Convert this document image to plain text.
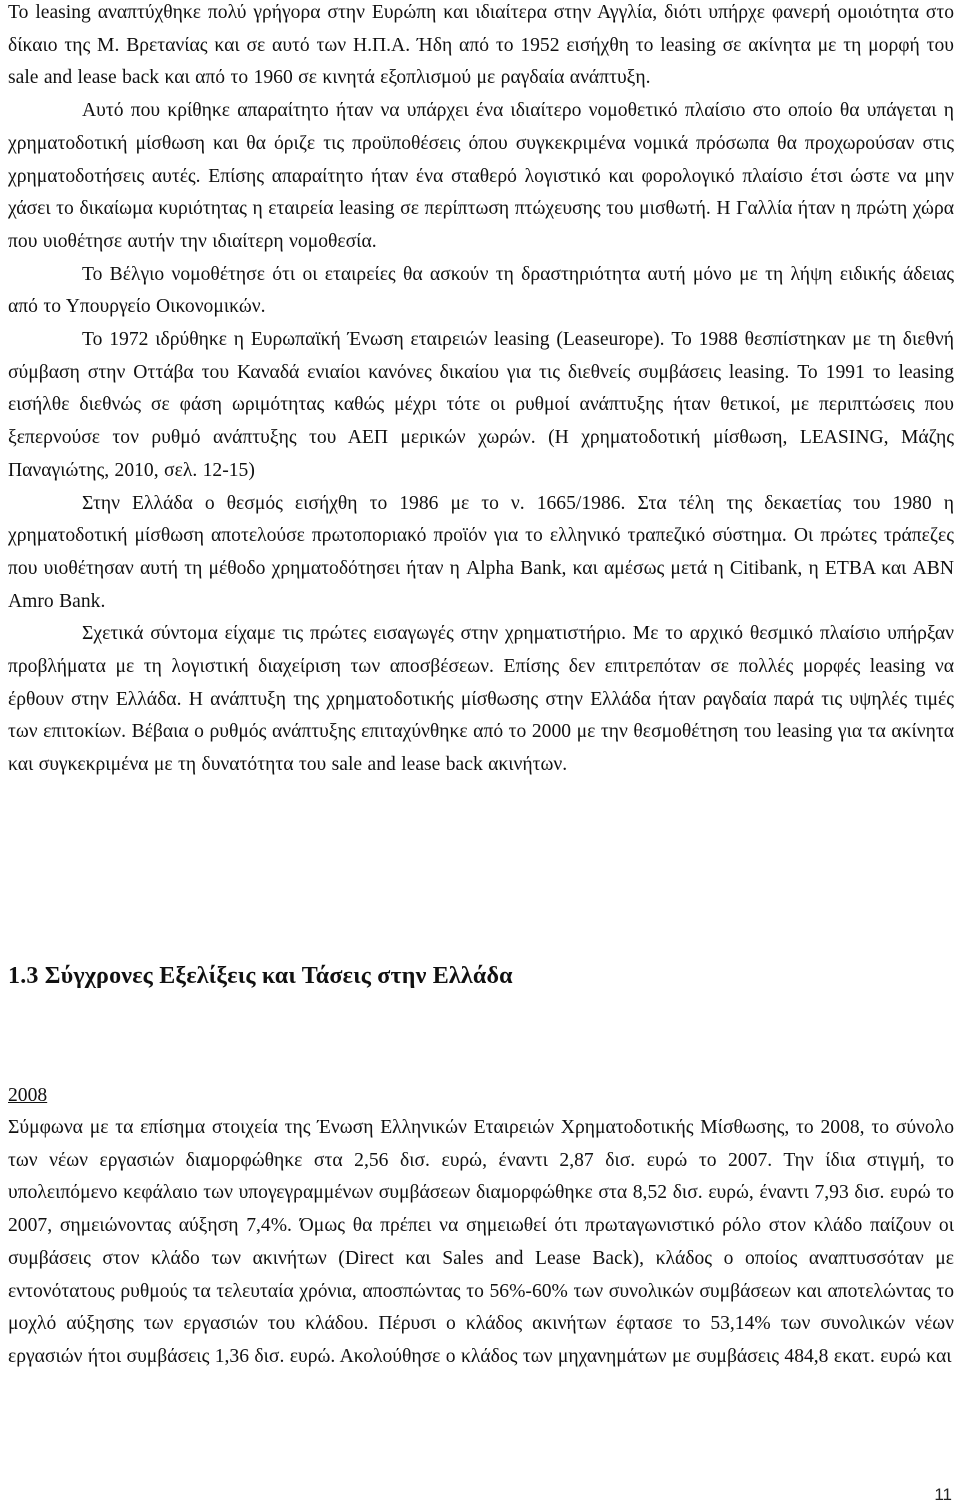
Το leasing αναπτύχθηκε πολύ γρήγορα στην Ευρώπη και ιδιαίτερα στην Αγγλία, διότι υπήρχε φανερή ομοιότητα στο δίκαιο της Μ. Βρετανίας και σε αυτό των Η.Π.Α. Ήδη από το 1952 εισήχθη το leasing σε ακίνητα με τη μορφή του sale and lease back και από το 1960 σε κινητά εξοπλισμού με ραγδαία ανάπτυξη.

Αυτό που κρίθηκε απαραίτητο ήταν να υπάρχει ένα ιδιαίτερο νομοθετικό πλαίσιο στο οποίο θα υπάγεται η χρηματοδοτική μίσθωση και θα όριζε τις προϋποθέσεις όπου συγκεκριμένα νομικά πρόσωπα θα προχωρούσαν στις χρηματοδοτήσεις αυτές. Επίσης απαραίτητο ήταν ένα σταθερό λογιστικό και φορολογικό πλαίσιο έτσι ώστε να μην χάσει το δικαίωμα κυριότητας η εταιρεία leasing σε περίπτωση πτώχευσης του μισθωτή. Η Γαλλία ήταν η πρώτη χώρα που υιοθέτησε αυτήν την ιδιαίτερη νομοθεσία.

Το Βέλγιο νομοθέτησε ότι οι εταιρείες θα ασκούν τη δραστηριότητα αυτή μόνο με τη λήψη ειδικής άδειας από το Υπουργείο Οικονομικών.

Το 1972 ιδρύθηκε η Ευρωπαϊκή Ένωση εταιρειών leasing (Leaseurope). Το 1988 θεσπίστηκαν με τη διεθνή σύμβαση στην Οττάβα του Καναδά ενιαίοι κανόνες δικαίου για τις διεθνείς συμβάσεις leasing. Το 1991 το leasing εισήλθε διεθνώς σε φάση ωριμότητας καθώς μέχρι τότε οι ρυθμοί ανάπτυξης ήταν θετικοί, με περιπτώσεις που ξεπερνούσε τον ρυθμό ανάπτυξης του ΑΕΠ μερικών χωρών. (Η χρηματοδοτική μίσθωση, LEASING, Μάζης Παναγιώτης, 2010, σελ. 12-15)

Στην Ελλάδα ο θεσμός εισήχθη το 1986 με το ν. 1665/1986. Στα τέλη της δεκαετίας του 1980 η χρηματοδοτική μίσθωση αποτελούσε πρωτοποριακό προϊόν για το ελληνικό τραπεζικό σύστημα. Οι πρώτες τράπεζες που υιοθέτησαν αυτή τη μέθοδο χρηματοδότησει ήταν η Alpha Bank, και αμέσως μετά η Citibank, η ΕΤΒΑ και ABN Amro Bank.

Σχετικά σύντομα είχαμε τις πρώτες εισαγωγές στην χρηματιστήριο. Με το αρχικό θεσμικό πλαίσιο υπήρξαν προβλήματα με τη λογιστική διαχείριση των αποσβέσεων. Επίσης δεν επιτρεπόταν σε πολλές μορφές leasing να έρθουν στην Ελλάδα. Η ανάπτυξη της χρηματοδοτικής μίσθωσης στην Ελλάδα ήταν ραγδαία παρά τις υψηλές τιμές των επιτοκίων. Βέβαια ο ρυθμός ανάπτυξης επιταχύνθηκε από το 2000 με την θεσμοθέτηση του leasing για τα ακίνητα και συγκεκριμένα με τη δυνατότητα του sale and lease back ακινήτων.

1.3 Σύγχρονες Εξελίξεις και Τάσεις στην Ελλάδα
2008

Σύμφωνα με τα επίσημα στοιχεία της Ένωση Ελληνικών Εταιρειών Χρηματοδοτικής Μίσθωσης, το 2008, το σύνολο των νέων εργασιών διαμορφώθηκε στα 2,56 δισ. ευρώ, έναντι 2,87 δισ. ευρώ το 2007. Την ίδια στιγμή, το υπολειπόμενο κεφάλαιο των υπογεγραμμένων συμβάσεων διαμορφώθηκε στα 8,52 δισ. ευρώ, έναντι 7,93 δισ. ευρώ το 2007, σημειώνοντας αύξηση 7,4%. Όμως θα πρέπει να σημειωθεί ότι πρωταγωνιστικό ρόλο στον κλάδο παίζουν οι συμβάσεις στον κλάδο των ακινήτων (Direct και Sales and Lease Back), κλάδος ο οποίος αναπτυσσόταν με εντονότατους ρυθμούς τα τελευταία χρόνια, αποσπώντας το 56%-60% των συνολικών συμβάσεων και αποτελώντας το μοχλό αύξησης των εργασιών του κλάδου. Πέρυσι ο κλάδος ακινήτων έφτασε το 53,14% των συνολικών νέων εργασιών ήτοι συμβάσεις 1,36 δισ. ευρώ. Ακολούθησε ο κλάδος των μηχανημάτων με συμβάσεις 484,8 εκατ. ευρώ και

11
